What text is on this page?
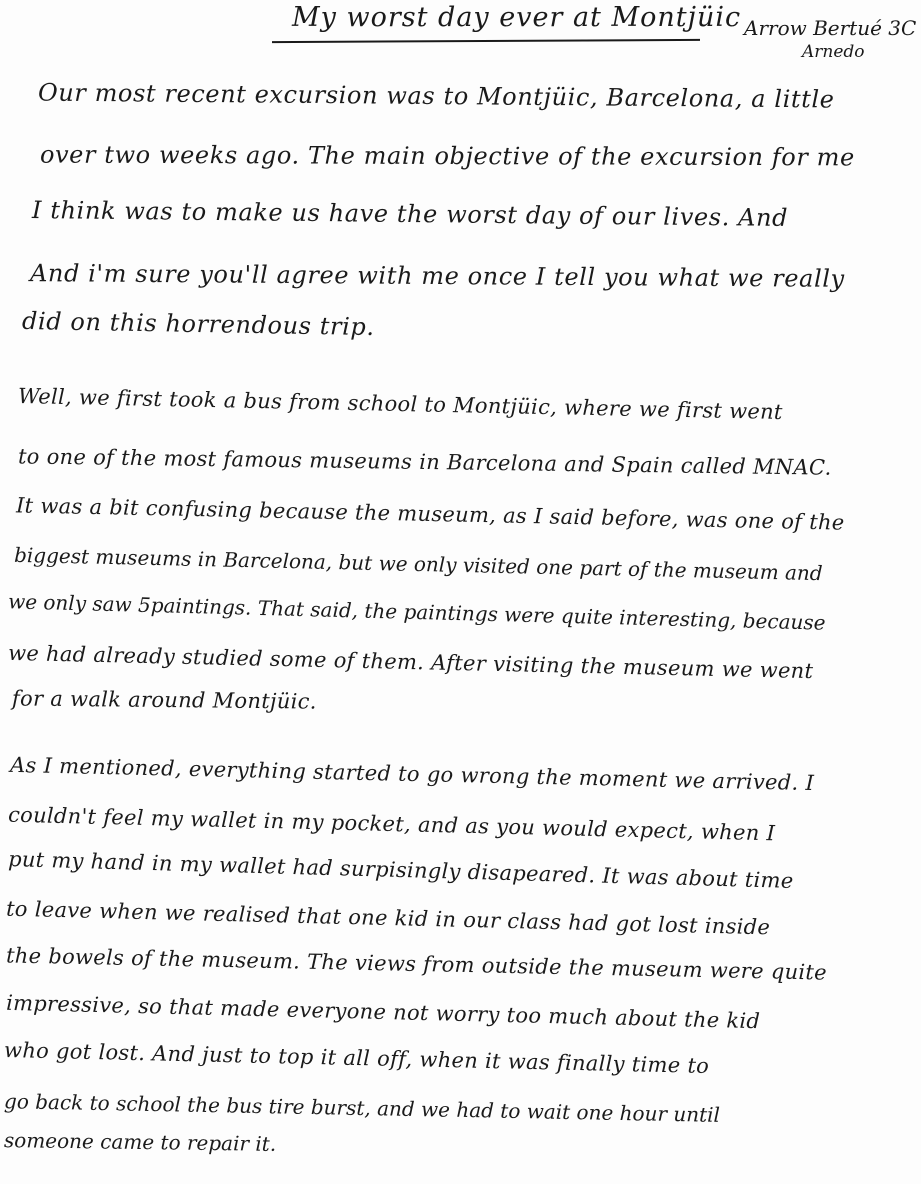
My worst day ever at Montjüic Arrow Bertué 3C
Arnedo
Our most recent excursion was to Montjüic, Barcelona, a little
over two weeks ago. The main objective of the excursion for me
I think was to make us have the worst day of our lives. And
And i'm sure you'll agree with me once I tell you what we really
did on this horrendous trip.
Well, we first took a bus from school to Montjüic, where we first went
to one of the most famous museums in Barcelona and Spain called MNAC.
It was a bit confusing because the museum, as I said before, was one of the
biggest museums in Barcelona, but we only visited one part of the museum and
we only saw 5paintings. That said, the paintings were quite interesting, because
we had already studied some of them. After visiting the museum we went
for a walk around Montjüic.
As I mentioned, everything started to go wrong the moment we arrived. I
couldn't feel my wallet in my pocket, and as you would expect, when I
put my hand in my wallet had surpisingly disapeared. It was about time
to leave when we realised that one kid in our class had got lost inside
the bowels of the museum. The views from outside the museum were quite
impressive, so that made everyone not worry too much about the kid
who got lost. And just to top it all off, when it was finally time to
go back to school the bus tire burst, and we had to wait one hour until
someone came to repair it.
